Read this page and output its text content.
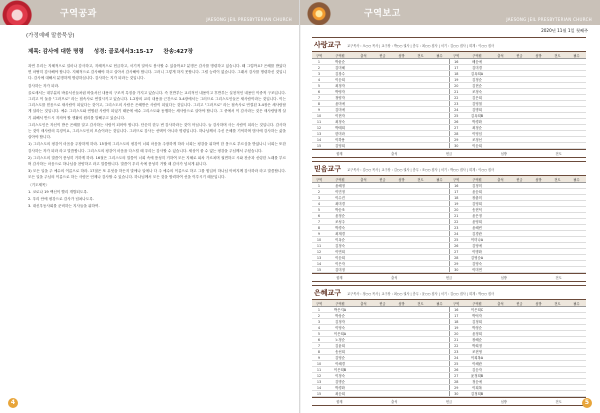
구역공과
JAESONG JEIL PRESBYTERIAN CHURCH
(가정예배 말씀묵상)
제목: 감사에 대한 명령 성경: 골로새서3:15-17 찬송:427장

과연 우리는 지혜적으로 얼마나 감사하고, 지혜적으로 헌금하고, 서기적 알아도 봄사할 수 있을까요? 분명은 감사를 명령하고 있습니다. 왜 그렇까요? 은혜를 받았다면 마땅히 감사해야 합니다. 지혜적으로 감사해야 하고 살아서 감사해야 합니다. 그러니 그렇게 하지 못합니다. 그럴 능력이 없습니다. 그래서 감사를 명령하신 것입니다. 감사에 대해서 분명하게 명령하십니다. 감사하는 지가 되라는 것입니다.

감사하는 자가 되라.

골로새서는 대부분의 바울서신들처럼 바울서신 내용의 구조적 특징을 가지고 있습니다. 즉 전반부는 교리적인 내용이고 후반부는 실천적인 내용인 이중적 구조입니다. 그리고 이 둘을 "그러므로" 라는 접속사로 연결시키고 있습니다. 1-2장의 교리 내용을 근간으로 3-4장에서는 그러므로 그리스도인들은 새사람이라는 것입니다. 이는 그리스도를 믿음으로 새사람이 되었다는 것이고, 그리스도의 사람은 은혜받은 사람이 되었다는 것입니다. 그리고 "그러므로" 라는 접속사로 연결된 3-4장은 새사람답게 살라는 것입니다. 예수 그리스도와 연합된 사람이 되었기 때문에 예수 그리스도와 동행하는 새사람으로 살아야 합니다. 그 중에서 이 감사라는 것은 새사람답게 살기 위해서 반드시 지켜야 할 생활의 원리를 말해주고 있습니다.

그리스도인은 자신이 받은 은혜를 알고 감사하는 사람이 되어야 합니다. 단순히 한두 번 감사하라는 것이 아닙니다. 늘 감사하며 사는 사람이 되라는 것입니다. 감사하는 것이 새사람의 특징이요, 그리스도인의 모습이라는 것입니다. 그러므로 감사는 선택이 아니라 명령입니다. 하나님께서 주신 은혜를 기억하며 범사에 감사하는 삶을 살아야 합니다.

1) 그리스도의 평강이 마음을 주장하게 하라. 15절에 그리스도의 평강이 너희 마음을 주장하게 하라 너희는 평강을 위하여 한 몸으로 부르심을 받았나니 너희는 또한 감사하는 자가 되라 라고 말씀합니다. 그리스도의 평강이 마음을 다스릴 때 우리는 감사할 수 있습니다. 세상이 줄 수 없는 평강을 주님께서 주셨습니다.

2) 그리스도의 말씀이 풍성히 거하게 하라. 16절은 그리스도의 말씀이 너희 속에 풍성히 거하여 모든 지혜로 피차 가르치며 권면하고 시와 찬송과 신령한 노래를 부르며 감사하는 마음으로 하나님을 찬양하고 라고 말씀합니다. 말씀이 우리 속에 풍성히 거할 때 감사가 넘치게 됩니다.

3) 모든 일을 주 예수의 이름으로 하라. 17절은 또 무엇을 하든지 말에나 일에나 다 주 예수의 이름으로 하고 그를 힘입어 하나님 아버지께 감사하라 라고 말씀합니다. 모든 일을 주님의 이름으로 하는 사람은 언제나 감사할 수 있습니다. 하나님께서 모든 것을 합력하여 선을 이루시기 때문입니다.

〈기도제목〉

1. 코로나 19 백신이 빨리 개발되도록.

2. 우리 안에 평강으로 감사가 넘쳐나도록.

3. 대신우동사회를 준비하는 지사들을 위하여.

4
구역보고
JAESONG JEIL PRESBYTERIAN CHURCH
2020년 11월 1일 첫째주
사랑교구 교구목사 : 오○○ 목사 | 교구장 : 박○○ 권사 | 총무 : 최○○ 집사 | 서기 : 김○○ 집사 | 회계 : 이○○ 집사
구역	구역원	출석	헌금	심방	전도	필수	구역	구역원	출석	헌금	심방	전도	필수
1	박윤순						16	배순애					
2	김미혜						17	김미경					
3	김창수						18	김옥희A					
4	이순희						19	김정순					
5	최정자						20	김현순					
6	박영자						21	조정숙					
7	정양자						22	김은희					
8	윤미애						23	김영철					
9	김미애						24	김명희					
10	이현자						25	김옥희B					
11	최정숙						26	박경화					
12	박태희						27	최정순					
13	한미라						28	이영임					
14	이하용						29	조정선					
15	김영희						30	이순희					
합계	출석	헌금	심방	전도
믿음교구 교구목사 : 김○○ 목사 | 교구장 : 김○○ 권사 | 총무 : 조○○ 집사 | 서기 : 박○○ 집사 | 회계 : 이○○ 집사
구역	구역원	출석	헌금	심방	전도	필수	구역	구역원	출석	헌금	심방	전도	필수
1	윤혜정						16	김정미					
2	이민정						17	윤순희					
3	이수진						18	장춘미					
4	최미경						19	김영희					
5	박순조						20	송현덕					
6	윤정순						21	윤은정					
7	조성주						22	윤영희					
8	박경숙						23	윤혜빈					
9	최재경						24	김경란					
10	이옥순						25	이미나A					
11	김정숙						26	김영애					
12	이연희						27	이명화					
13	이순희						28	김영순A					
14	이은자						29	김영숙					
15	김미정						30	이미연					
합계	출석	헌금	심방	전도
은혜교구 교구목사 : 정○○ 목사 | 교구장 : 최○○ 권사 | 총무 : 윤○○ 집사 | 서기 : 김○○ 집사 | 회계 : 박○○ 집사
구역	구역원	출석	헌금	심방	전도	필수	구역	구역원	출석	헌금	심방	전도	필수
1	박은지A						16	이은희C					
2	박상순						17	박덕자					
3	김정자						18	김정희					
4	이영숙						19	박정순					
5	이은희A						20	윤정희					
6	노정순						21	장혜순					
7	김윤희						22	박희정					
8	송선희						23	조현영					
9	김영순						24	이희복A					
10	이혜경						25	이혜란					
11	이은희B						26	김순자					
12	이정숙						27	윤정희B					
13	김명순						28	정순애					
14	박경화						29	이희복					
15	최순희						30	김정희B					
합계	출석	헌금	심방	전도	5
